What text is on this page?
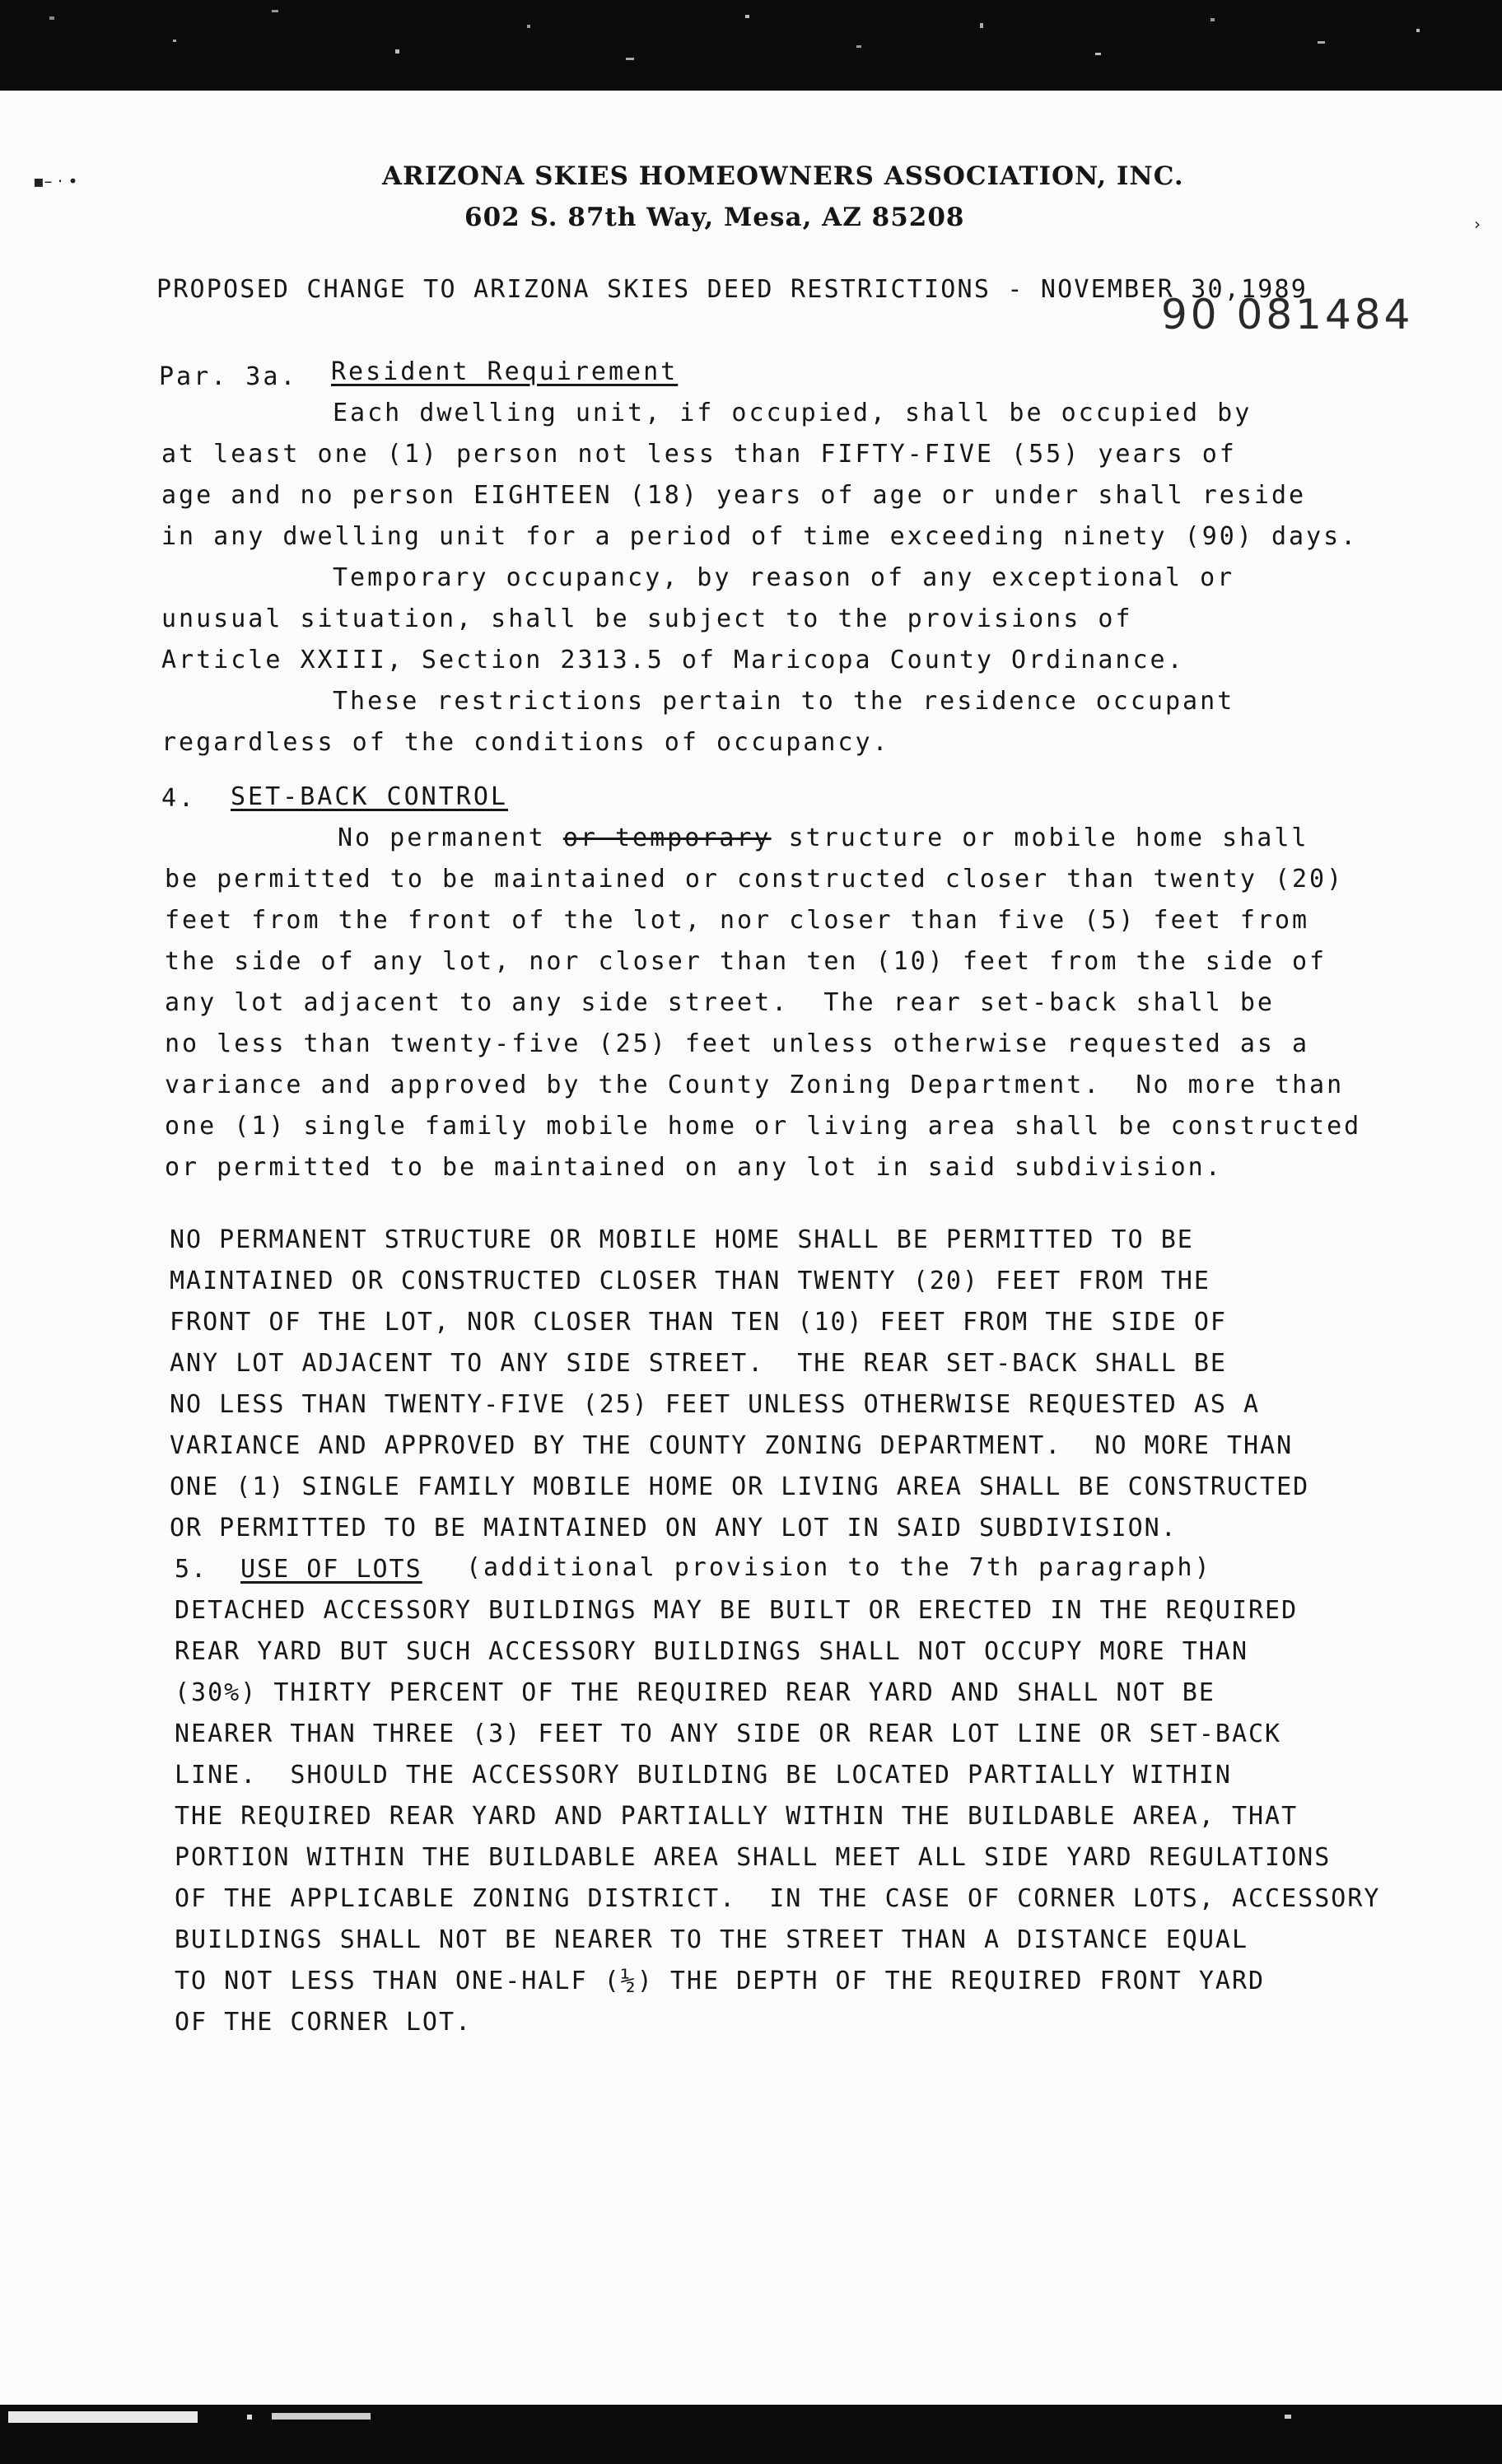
▪– · •
›
ARIZONA SKIES HOMEOWNERS ASSOCIATION, INC.
602 S. 87th Way, Mesa, AZ 85208
PROPOSED CHANGE TO ARIZONA SKIES DEED RESTRICTIONS - NOVEMBER 30,1989
90 081484
Par. 3a. Resident Requirement
Each dwelling unit, if occupied, shall be occupied by
at least one (1) person not less than FIFTY-FIVE (55) years of
age and no person EIGHTEEN (18) years of age or under shall reside
in any dwelling unit for a period of time exceeding ninety (90) days.
Temporary occupancy, by reason of any exceptional or
unusual situation, shall be subject to the provisions of
Article XXIII, Section 2313.5 of Maricopa County Ordinance.
These restrictions pertain to the residence occupant
regardless of the conditions of occupancy.
4. SET-BACK CONTROL
No permanent or temporary structure or mobile home shall
be permitted to be maintained or constructed closer than twenty (20)
feet from the front of the lot, nor closer than five (5) feet from
the side of any lot, nor closer than ten (10) feet from the side of
any lot adjacent to any side street.  The rear set-back shall be
no less than twenty-five (25) feet unless otherwise requested as a
variance and approved by the County Zoning Department.  No more than
one (1) single family mobile home or living area shall be constructed
or permitted to be maintained on any lot in said subdivision.
NO PERMANENT STRUCTURE OR MOBILE HOME SHALL BE PERMITTED TO BE
MAINTAINED OR CONSTRUCTED CLOSER THAN TWENTY (20) FEET FROM THE
FRONT OF THE LOT, NOR CLOSER THAN TEN (10) FEET FROM THE SIDE OF
ANY LOT ADJACENT TO ANY SIDE STREET.  THE REAR SET-BACK SHALL BE
NO LESS THAN TWENTY-FIVE (25) FEET UNLESS OTHERWISE REQUESTED AS A
VARIANCE AND APPROVED BY THE COUNTY ZONING DEPARTMENT.  NO MORE THAN
ONE (1) SINGLE FAMILY MOBILE HOME OR LIVING AREA SHALL BE CONSTRUCTED
OR PERMITTED TO BE MAINTAINED ON ANY LOT IN SAID SUBDIVISION.
5. USE OF LOTS (additional provision to the 7th paragraph)
DETACHED ACCESSORY BUILDINGS MAY BE BUILT OR ERECTED IN THE REQUIRED
REAR YARD BUT SUCH ACCESSORY BUILDINGS SHALL NOT OCCUPY MORE THAN
(30%) THIRTY PERCENT OF THE REQUIRED REAR YARD AND SHALL NOT BE
NEARER THAN THREE (3) FEET TO ANY SIDE OR REAR LOT LINE OR SET-BACK
LINE.  SHOULD THE ACCESSORY BUILDING BE LOCATED PARTIALLY WITHIN
THE REQUIRED REAR YARD AND PARTIALLY WITHIN THE BUILDABLE AREA, THAT
PORTION WITHIN THE BUILDABLE AREA SHALL MEET ALL SIDE YARD REGULATIONS
OF THE APPLICABLE ZONING DISTRICT.  IN THE CASE OF CORNER LOTS, ACCESSORY
BUILDINGS SHALL NOT BE NEARER TO THE STREET THAN A DISTANCE EQUAL
TO NOT LESS THAN ONE-HALF (½) THE DEPTH OF THE REQUIRED FRONT YARD
OF THE CORNER LOT.
